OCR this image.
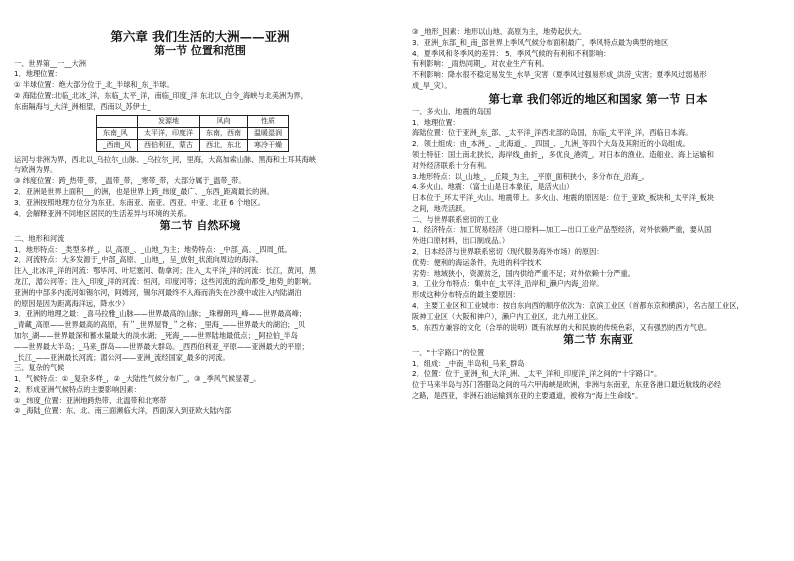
第六章 我们生活的大洲——亚洲

第一节 位置和范围

一、世界第__一__大洲

1．地理位置：

① 半球位置：绝大部分位于_北_半球和_东_半球。

② 海陆位置:北临_北冰_洋，东临_太平_洋，南临_印度_洋 东北以_白令_海峡与北美洲为界，

东南隔海与_大洋_洲相望，西南以_苏伊士_

	发源地	风向	性质
东南_风	太平洋，印度洋	东南，西南	温暖湿润
_西南_风	西伯利亚，蒙古	西北，东北	寒冷干燥

运河与非洲为界，西北以_乌拉尔_山脉、_乌拉尔_河，里海，大高加索山脉、黑海和土耳其海峡

与欧洲为界。

③ 纬度位置：跨_热带_带，_温带_带，_寒带_带，大部分属于_温带_带。

2．亚洲是世界上面积___的洲，也是世界上跨_纬度_最广、_东西_距离最长的洲。

3．亚洲按照地理方位分为东亚、东南亚、南亚、西亚、中亚、北亚 6 个地区。

4．会解释亚洲不同地区居民的生活差异与环境的关系。

第二节 自然环境

二、地形和河流

1．地形特点：_类型多样_，以_高原_、_山地_为主；地势特点：_中部_高、_四周_低。

2．河流特点：大多发源于_中部_高原、_山地_，呈_放射_状流向周边的海洋。

注入_北冰洋_洋的河流：鄂毕河、叶尼塞河、勒拿河；注入_太平洋_洋的河流：长江，黄河，黑

龙江，湄公河等；注入_印度_洋的河流：恒河，印度河等；这些河流的流向都受_地势_的影响。

亚洲的中部多内流河如锡尔河，阿姆河，锡尔河最终不入海而消失在沙漠中或注入内陆湖泊

的原因是因为距离海洋远，降水少）

3．亚洲的地理之最：_喜马拉雅_山脉——世界最高的山脉；_珠穆朗玛_峰——世界最高峰；

_青藏_高原——世界最高的高原，有＂_世界屋脊_＂之称；_里海_——世界最大的湖泊；_贝

加尔_湖——世界最深和蓄水量最大的淡水湖；_死海_——世界陆地最低点；_阿拉伯_半岛

——世界最大半岛；_马来_群岛——世界最大群岛。_西西伯利亚_平原——亚洲最大的平原；

_长江_——亚洲最长河流；湄公河——亚洲_流经国家_最多的河流。

三、复杂的气候

1．气候特点：① _复杂多样_，② _大陆性气候分布广_，③ _季风气候显著_。

2．形成亚洲气候特点的主要影响因素：

① _纬度_位置：亚洲地跨热带、北温带和北寒带

② _海陆_位置：东、北、南三面濒临大洋，西面深入到亚欧大陆内部

③ _地形_因素：地形以山地、高原为主，地势起伏大。

3．亚洲_东部_和_南_部世界上季风气候分布面积最广，季风特点最为典型的地区

4．夏季风和冬季风的差异： 5．季风气候的有利和不利影响：

有利影响：_雨热同期_，对农业生产有利。

不利影响：降水很不稳定易发生_水旱_灾害（夏季风过强易形成_洪涝_灾害；夏季风过弱易形

成_旱_灾）。

第七章 我们邻近的地区和国家 第一节 日本

一、多火山、地震的岛国

1．地理位置：

海陆位置：位于亚洲_东_部、_太平洋_洋西北部的岛国，东临_太平洋_洋，西临日本海。

2．领土组成：由_本洲_、_北海道_、_四国_、_九洲_等四个大岛及其附近的小岛组成。

领土特征：国土南北狭长，海岸线_曲折_，多优良_港湾_，对日本的渔业、造船业、海上运输和

对外经济联系十分有利。

3.地形特点：以_山地_、_丘陵_为主，_平原_面积狭小，多分布在_沿海_。

4.多火山、地震：（富士山是日本象征，是活火山）

日本位于_环太平洋_火山、地震带上。多火山、地震的原因是：位于_亚欧_板块和_太平洋_板块

之间，地壳活跃。

二、与世界联系密切的工业

1．经济特点：加工贸易经济（进口原料—加工—出口工业产品型经济，对外依赖严重，要从国

外进口原材料，出口制成品。）

2．日本经济与世界联系密切（现代服务海外市场）的原因：

优势：便利的海运条件，先进的科学技术

劣势：地域狭小，资源贫乏，国内供给严重不足；对外依赖十分严重。

3．工业分布特点：集中在_太平洋_沿岸和_濑户内海_沿岸。

形成这种分布特点的最主要原因：

4．主要工业区和工业城市：按自东向西的顺序依次为：京滨工业区（首都东京和横滨），名古屋工业区，

阪神工业区（大阪和神户），濑户内工业区，北九州工业区。

5．东西方兼容的文化（合举的说明）既有浓厚的大和民族的传统色彩，又有强烈的西方气息。

第二节 东南亚

一、“十字路口”的位置

1．组成：_中南_半岛和_马来_群岛

2．位置：位于_亚洲_和_大洋_洲、_太平_洋和_印度洋_洋之间的“十字路口”。

位于马来半岛与苏门答腊岛之间的马六甲海峡是欧洲，非洲与东南亚，东亚各港口最近航线的必经

之路，是西亚，非洲石油运输到东亚的主要通道，被称为“海上生命线”。
